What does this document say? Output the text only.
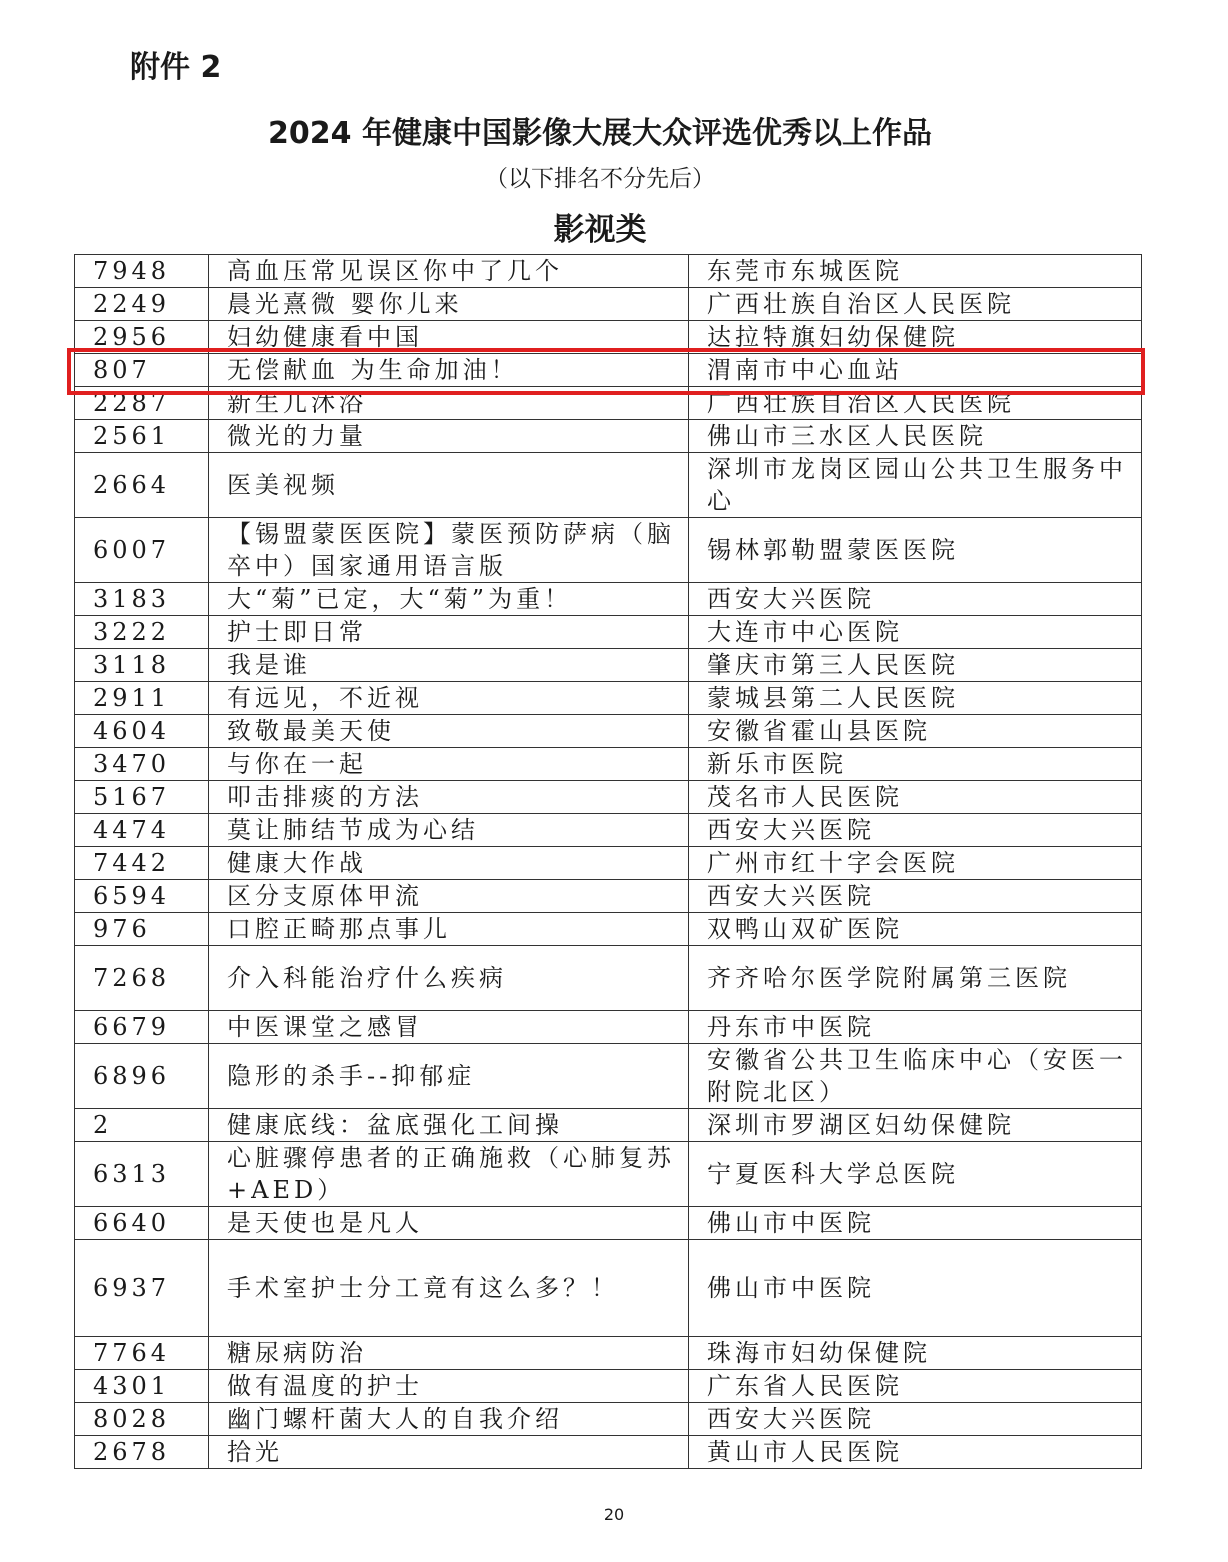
附件 2
2024 年健康中国影像大展大众评选优秀以上作品
（以下排名不分先后）
影视类
7948	高血压常见误区你中了几个	东莞市东城医院
2249	晨光熹微 婴你儿来	广西壮族自治区人民医院
2956	妇幼健康看中国	达拉特旗妇幼保健院
807	无偿献血 为生命加油！	渭南市中心血站
2287	新生儿沐浴	广西壮族自治区人民医院
2561	微光的力量	佛山市三水区人民医院
2664	医美视频	深圳市龙岗区园山公共卫生服务中心
6007	【锡盟蒙医医院】蒙医预防萨病（脑卒中）国家通用语言版	锡林郭勒盟蒙医医院
3183	大“菊”已定，大“菊”为重！	西安大兴医院
3222	护士即日常	大连市中心医院
3118	我是谁	肇庆市第三人民医院
2911	有远见，不近视	蒙城县第二人民医院
4604	致敬最美天使	安徽省霍山县医院
3470	与你在一起	新乐市医院
5167	叩击排痰的方法	茂名市人民医院
4474	莫让肺结节成为心结	西安大兴医院
7442	健康大作战	广州市红十字会医院
6594	区分支原体甲流	西安大兴医院
976	口腔正畸那点事儿	双鸭山双矿医院
7268	介入科能治疗什么疾病	齐齐哈尔医学院附属第三医院
6679	中医课堂之感冒	丹东市中医院
6896	隐形的杀手--抑郁症	安徽省公共卫生临床中心（安医一附院北区）
2	健康底线：盆底强化工间操	深圳市罗湖区妇幼保健院
6313	心脏骤停患者的正确施救（心肺复苏+AED）	宁夏医科大学总医院
6640	是天使也是凡人	佛山市中医院
6937	手术室护士分工竟有这么多？！	佛山市中医院
7764	糖尿病防治	珠海市妇幼保健院
4301	做有温度的护士	广东省人民医院
8028	幽门螺杆菌大人的自我介绍	西安大兴医院
2678	拾光	黄山市人民医院
20
